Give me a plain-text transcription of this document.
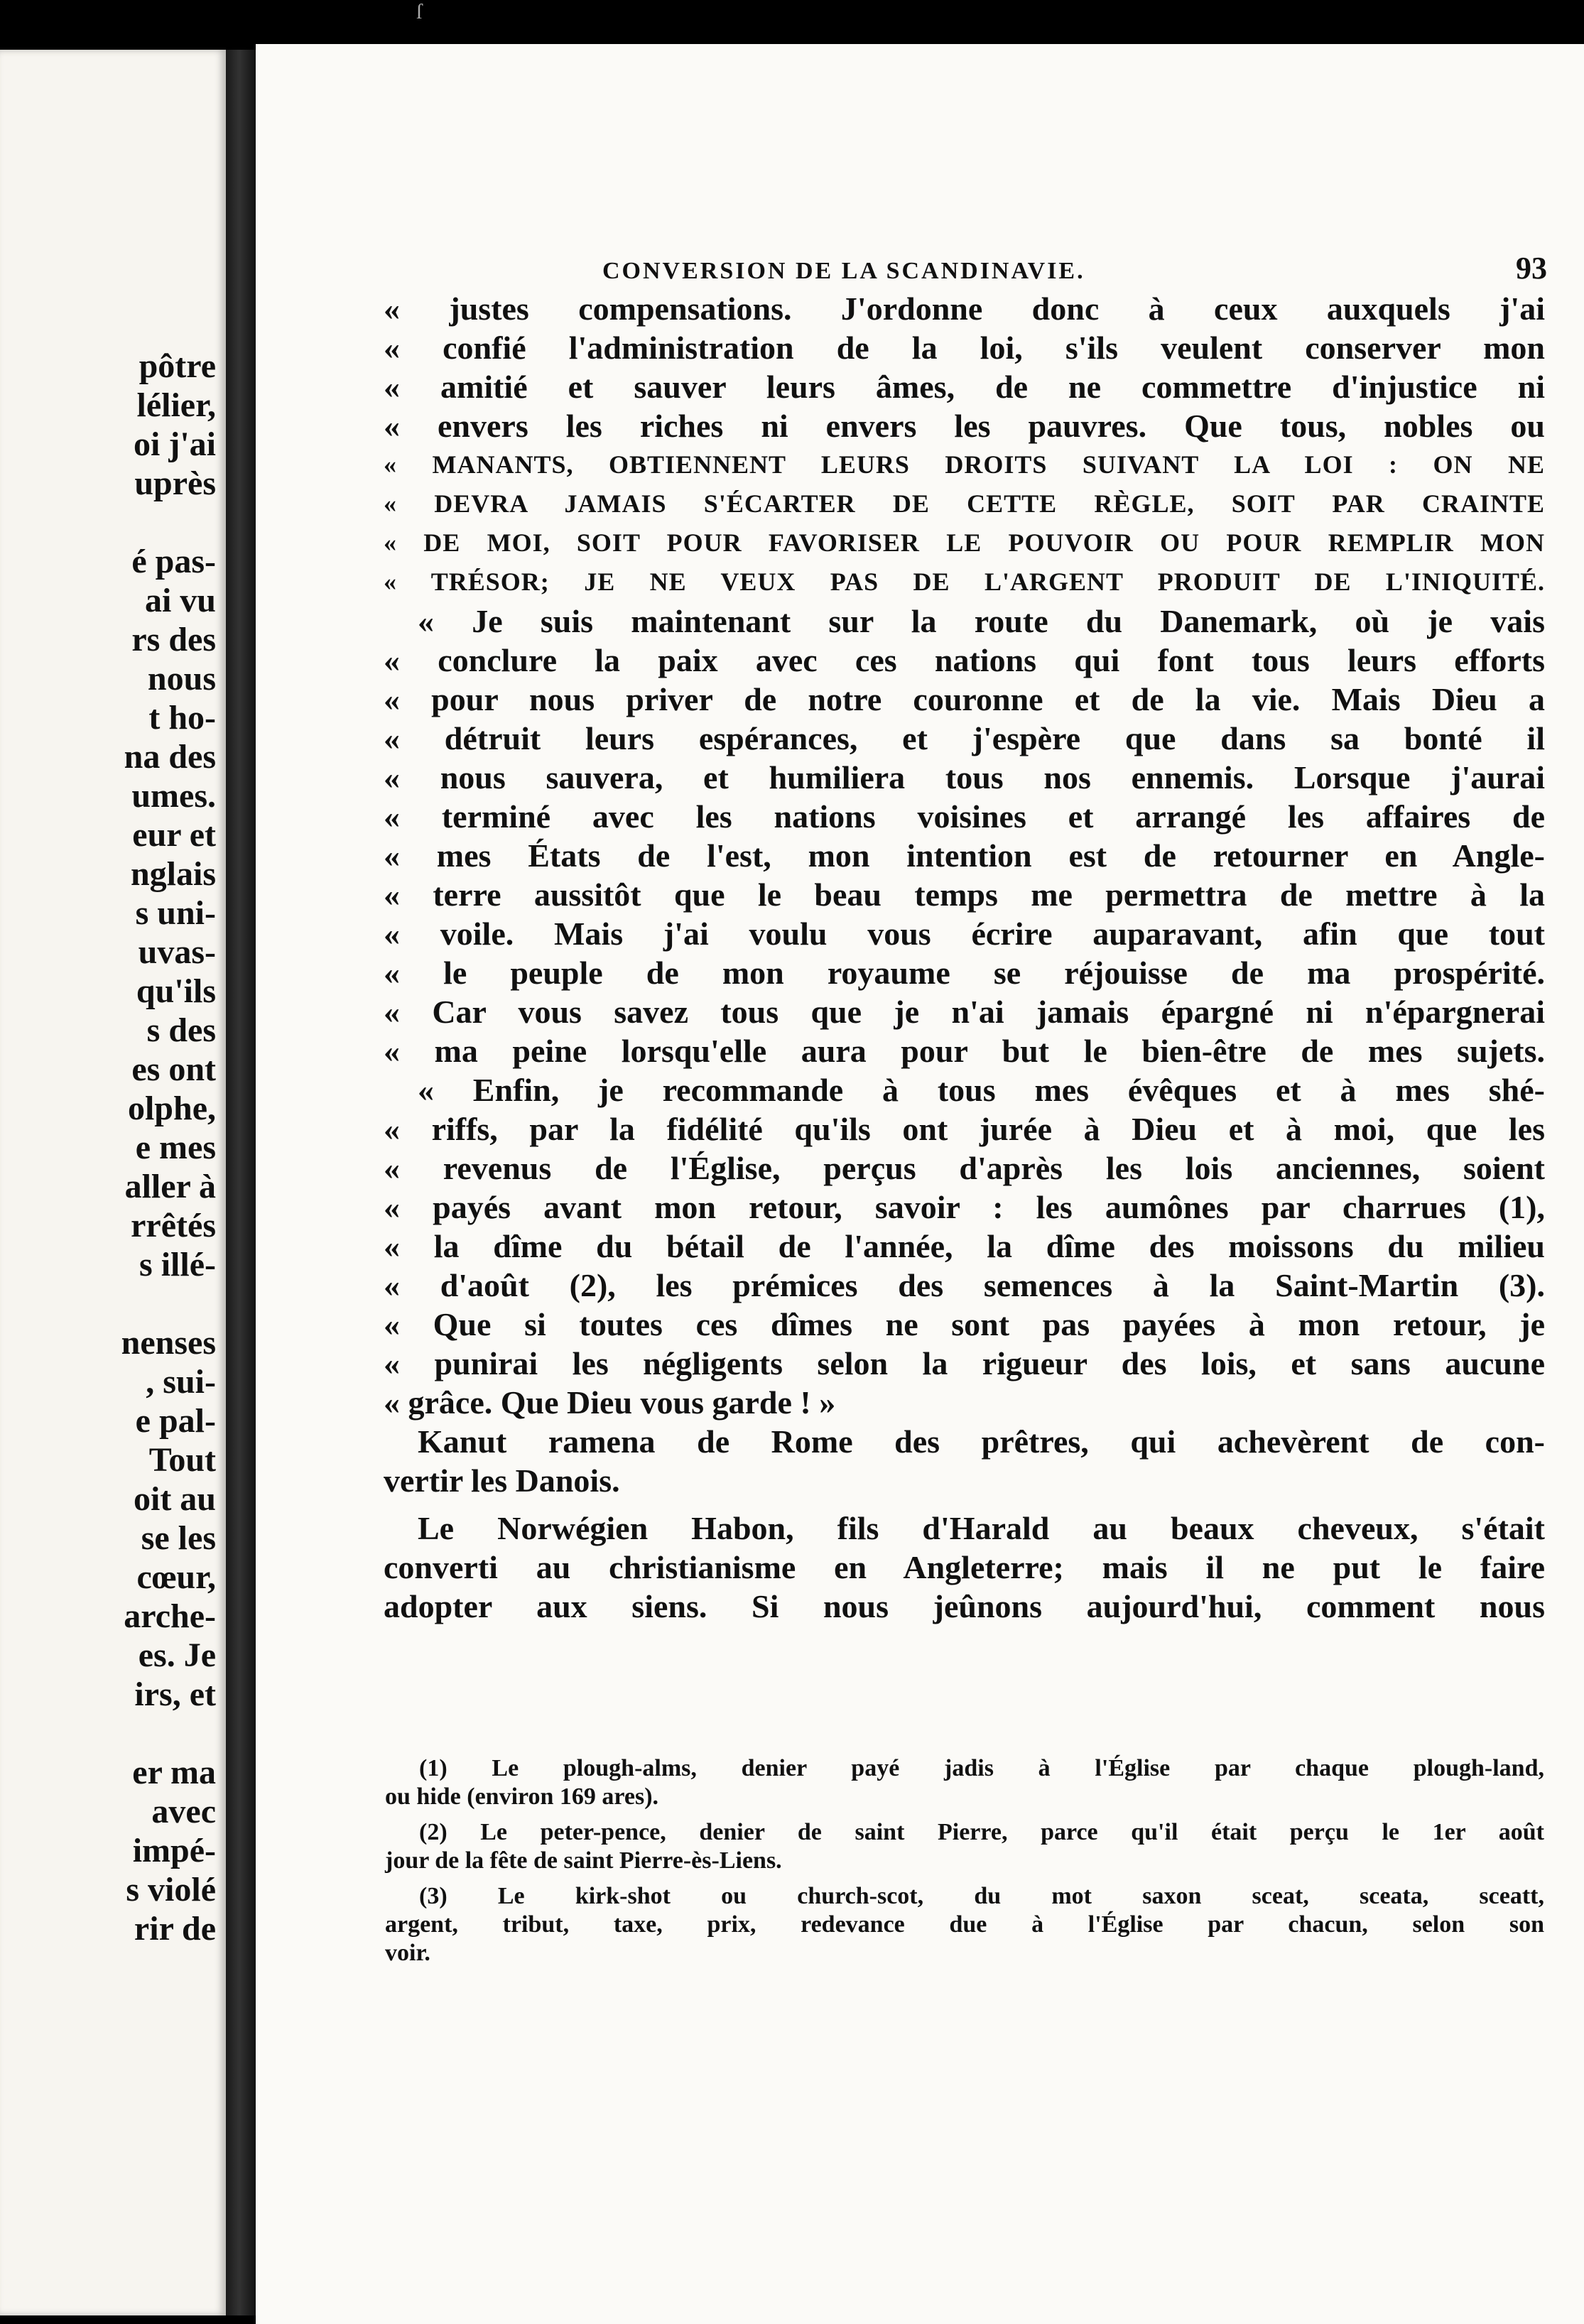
pôtre
lélier,
oi j'ai
uprès
é pas-
ai vu
rs des
nous
t ho-
na des
umes.
eur et
nglais
s uni-
uvas-
qu'ils
s des
es ont
olphe,
e mes
aller à
rrêtés
s illé-
nenses
, sui-
e pal-
Tout
oit au
se les
cœur,
arche-
es. Je
irs, et
er ma
avec
impé-
s violé
rir de
ſ
CONVERSION DE LA SCANDINAVIE.	93
« justes compensations. J'ordonne donc à ceux auxquels j'ai
« confié l'administration de la loi, s'ils veulent conserver mon
« amitié et sauver leurs âmes, de ne commettre d'injustice ni
« envers les riches ni envers les pauvres. Que tous, nobles ou
« MANANTS, OBTIENNENT LEURS DROITS SUIVANT LA LOI : ON NE
« DEVRA JAMAIS S'ÉCARTER DE CETTE RÈGLE, SOIT PAR CRAINTE
« DE MOI, SOIT POUR FAVORISER LE POUVOIR OU POUR REMPLIR MON
« TRÉSOR; JE NE VEUX PAS DE L'ARGENT PRODUIT DE L'INIQUITÉ.
« Je suis maintenant sur la route du Danemark, où je vais
« conclure la paix avec ces nations qui font tous leurs efforts
« pour nous priver de notre couronne et de la vie. Mais Dieu a
« détruit leurs espérances, et j'espère que dans sa bonté il
« nous sauvera, et humiliera tous nos ennemis. Lorsque j'aurai
« terminé avec les nations voisines et arrangé les affaires de
« mes États de l'est, mon intention est de retourner en Angle-
« terre aussitôt que le beau temps me permettra de mettre à la
« voile. Mais j'ai voulu vous écrire auparavant, afin que tout
« le peuple de mon royaume se réjouisse de ma prospérité.
« Car vous savez tous que je n'ai jamais épargné ni n'épargnerai
« ma peine lorsqu'elle aura pour but le bien-être de mes sujets.
« Enfin, je recommande à tous mes évêques et à mes shé-
« riffs, par la fidélité qu'ils ont jurée à Dieu et à moi, que les
« revenus de l'Église, perçus d'après les lois anciennes, soient
« payés avant mon retour, savoir : les aumônes par charrues (1),
« la dîme du bétail de l'année, la dîme des moissons du milieu
« d'août (2), les prémices des semences à la Saint-Martin (3).
« Que si toutes ces dîmes ne sont pas payées à mon retour, je
« punirai les négligents selon la rigueur des lois, et sans aucune
« grâce. Que Dieu vous garde ! »
Kanut ramena de Rome des prêtres, qui achevèrent de con-
vertir les Danois.
Le Norwégien Habon, fils d'Harald au beaux cheveux, s'était
converti au christianisme en Angleterre; mais il ne put le faire
adopter aux siens. Si nous jeûnons aujourd'hui, comment nous
(1) Le plough-alms, denier payé jadis à l'Église par chaque plough-land,
ou hide (environ 169 ares).
(2) Le peter-pence, denier de saint Pierre, parce qu'il était perçu le 1er août
jour de la fête de saint Pierre-ès-Liens.
(3) Le kirk-shot ou church-scot, du mot saxon sceat, sceata, sceatt,
argent, tribut, taxe, prix, redevance due à l'Église par chacun, selon son
voir.
